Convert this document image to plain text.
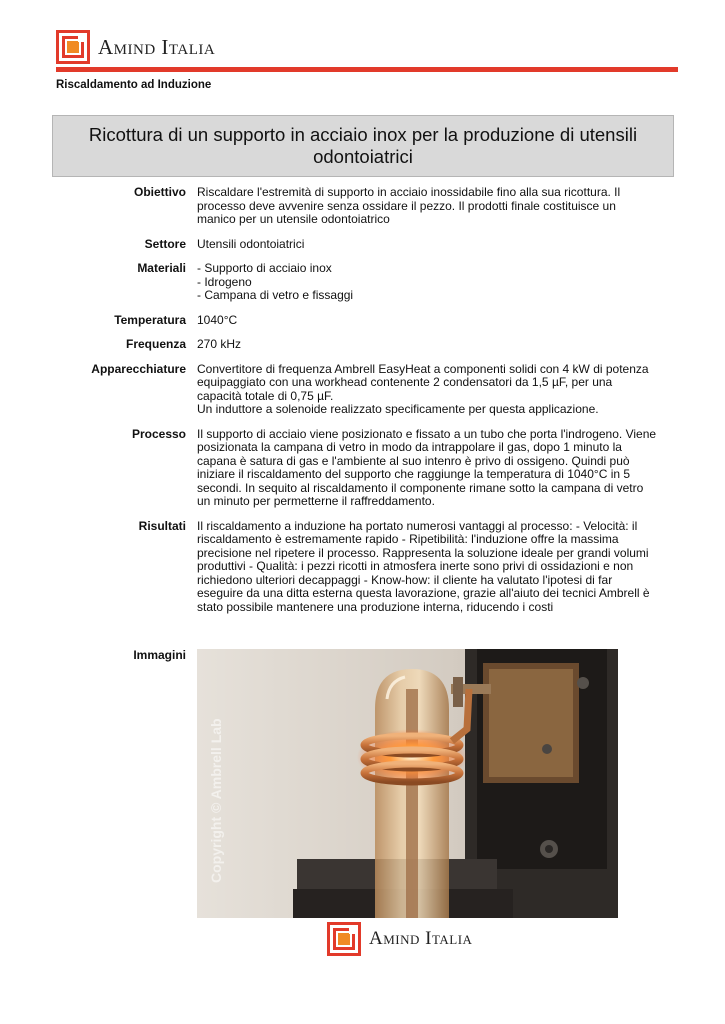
Amind Italia
Riscaldamento ad Induzione
Ricottura di un supporto in acciaio inox per la produzione di utensili odontoiatrici
Obiettivo Riscaldare l'estremità di supporto in acciaio inossidabile fino alla sua ricottura. Il processo deve avvenire senza ossidare il pezzo. Il prodotti finale costituisce un manico per un utensile odontoiatrico
Settore Utensili odontoiatrici
Materiali - Supporto di acciaio inox
- Idrogeno
- Campana di vetro e fissaggi
Temperatura 1040°C
Frequenza 270 kHz
Apparecchiature Convertitore di frequenza Ambrell EasyHeat a componenti solidi con 4 kW di potenza equipaggiato con una workhead contenente 2 condensatori da 1,5 µF, per una capacità totale di 0,75 µF.
Un induttore a solenoide realizzato specificamente per questa applicazione.
Processo Il supporto di acciaio viene posizionato e fissato a un tubo che porta l'indrogeno. Viene posizionata la campana di vetro in modo da intrappolare il gas, dopo 1 minuto la capana è satura di gas e l'ambiente al suo intenro è privo di ossigeno. Quindi può iniziare il riscaldamento del supporto che raggiunge la temperatura di 1040°C in 5 secondi. In sequito al riscaldamento il componente rimane sotto la campana di vetro un minuto per permetterne il raffreddamento.
Risultati Il riscaldamento a induzione ha portato numerosi vantaggi al processo: - Velocità: il riscaldamento è estremamente rapido - Ripetibilità: l'induzione offre la massima precisione nel ripetere il processo. Rappresenta la soluzione ideale per grandi volumi produttivi - Qualità: i pezzi ricotti in atmosfera inerte sono privi di ossidazioni e non richiedono ulteriori decappaggi - Know-how: il cliente ha valutato l'ipotesi di far eseguire da una ditta esterna questa lavorazione, grazie all'aiuto dei tecnici Ambrell è stato possibile mantenere una produzione interna, riducendo i costi
Immagini
Copyright © Ambrell Lab
Amind Italia
